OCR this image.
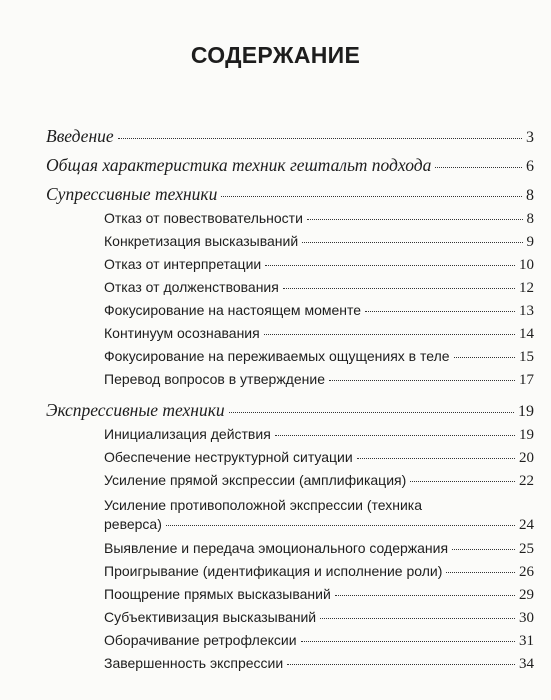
СОДЕРЖАНИЕ
Введение	3
Общая характеристика техник гештальт подхода	6
Супрессивные техники	8
Отказ от повествовательности	8
Конкретизация высказываний	9
Отказ от интерпретации	10
Отказ от долженствования	12
Фокусирование на настоящем моменте	13
Континуум осознавания	14
Фокусирование на переживаемых ощущениях в теле	15
Перевод вопросов в утверждение	17
Экспрессивные техники	19
Инициализация действия	19
Обеспечение неструктурной ситуации	20
Усиление прямой экспрессии (амплификация)	22
Усиление противоположной экспрессии (техника
реверса)	24
Выявление и передача эмоционального содержания	25
Проигрывание (идентификация и исполнение роли)	26
Поощрение прямых высказываний	29
Субъективизация высказываний	30
Оборачивание ретрофлексии	31
Завершенность экспрессии	34
